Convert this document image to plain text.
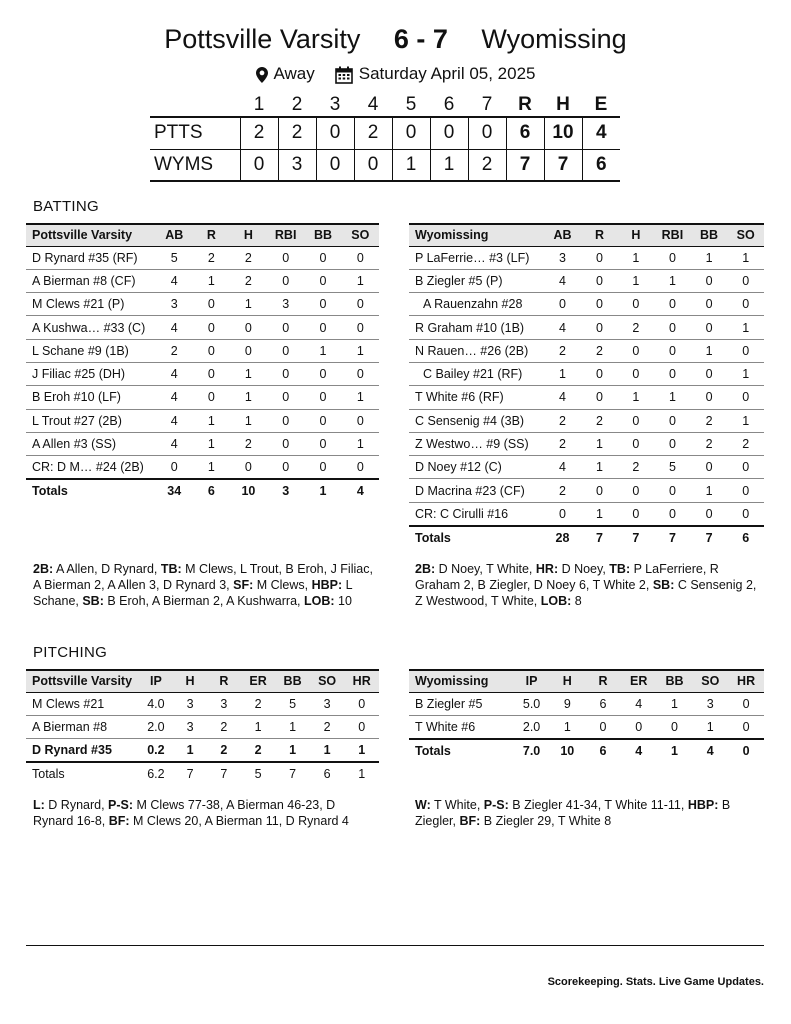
Pottsville Varsity 6 - 7 Wyomissing
Away	Saturday April 05, 2025
	1	2	3	4	5	6	7	R	H	E
PTTS	2	2	0	2	0	0	0	6	10	4
WYMS	0	3	0	0	1	1	2	7	7	6
BATTING
Pottsville Varsity	AB	R	H	RBI	BB	SO
D Rynard #35 (RF)	5	2	2	0	0	0
A Bierman #8 (CF)	4	1	2	0	0	1
M Clews #21 (P)	3	0	1	3	0	0
A Kushwa… #33 (C)	4	0	0	0	0	0
L Schane #9 (1B)	2	0	0	0	1	1
J Filiac #25 (DH)	4	0	1	0	0	0
B Eroh #10 (LF)	4	0	1	0	0	1
L Trout #27 (2B)	4	1	1	0	0	0
A Allen #3 (SS)	4	1	2	0	0	1
CR: D M… #24 (2B)	0	1	0	0	0	0
Totals	34	6	10	3	1	4
Wyomissing	AB	R	H	RBI	BB	SO
P LaFerrie… #3 (LF)	3	0	1	0	1	1
B Ziegler #5 (P)	4	0	1	1	0	0
A Rauenzahn #28	0	0	0	0	0	0
R Graham #10 (1B)	4	0	2	0	0	1
N Rauen… #26 (2B)	2	2	0	0	1	0
C Bailey #21 (RF)	1	0	0	0	0	1
T White #6 (RF)	4	0	1	1	0	0
C Sensenig #4 (3B)	2	2	0	0	2	1
Z Westwo… #9 (SS)	2	1	0	0	2	2
D Noey #12 (C)	4	1	2	5	0	0
D Macrina #23 (CF)	2	0	0	0	1	0
CR: C Cirulli #16	0	1	0	0	0	0
Totals	28	7	7	7	7	6
2B: A Allen, D Rynard, TB: M Clews, L Trout, B Eroh, J Filiac, A Bierman 2, A Allen 3, D Rynard 3, SF: M Clews, HBP: L Schane, SB: B Eroh, A Bierman 2, A Kushwarra, LOB: 10
2B: D Noey, T White, HR: D Noey, TB: P LaFerriere, R Graham 2, B Ziegler, D Noey 6, T White 2, SB: C Sensenig 2, Z Westwood, T White, LOB: 8
PITCHING
Pottsville Varsity	IP	H	R	ER	BB	SO	HR
M Clews #21	4.0	3	3	2	5	3	0
A Bierman #8	2.0	3	2	1	1	2	0
D Rynard #35	0.2	1	2	2	1	1	1
Totals	6.2	7	7	5	7	6	1
Wyomissing	IP	H	R	ER	BB	SO	HR
B Ziegler #5	5.0	9	6	4	1	3	0
T White #6	2.0	1	0	0	0	1	0
Totals	7.0	10	6	4	1	4	0
L: D Rynard, P-S: M Clews 77-38, A Bierman 46-23, D Rynard 16-8, BF: M Clews 20, A Bierman 11, D Rynard 4
W: T White, P-S: B Ziegler 41-34, T White 11-11, HBP: B Ziegler, BF: B Ziegler 29, T White 8
Scorekeeping. Stats. Live Game Updates.
